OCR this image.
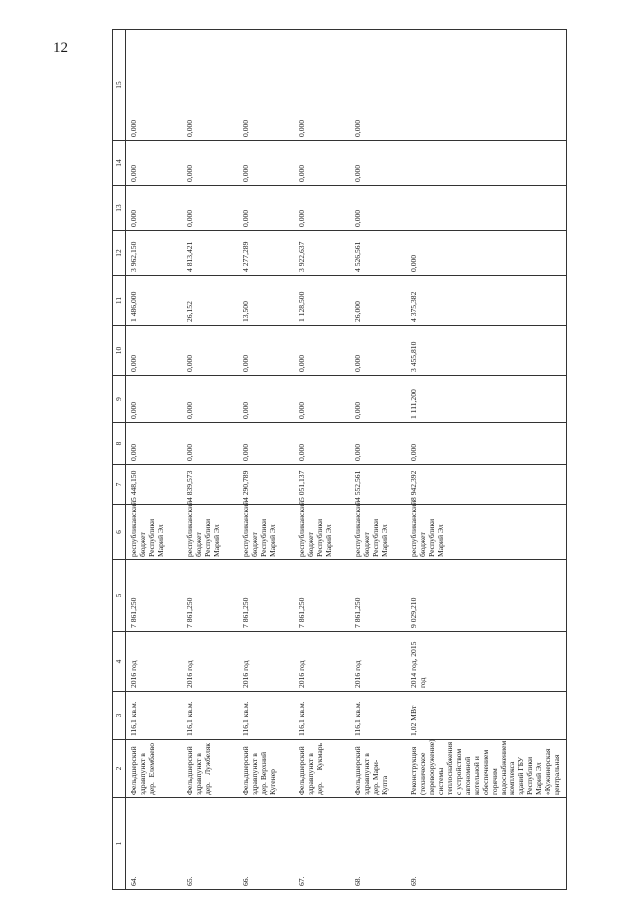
12
1	2	3	4	5	6	7	8	9	10	11	12	13	14	15
64.	Фельдшерский здравпункт в дер. Елембаево	116,1 кв.м.	2016 год	7 861,250	республиканский бюджет Республики Марий Эл	5 448,150	0,000	0,000	0,000	1 486,000	3 962,150	0,000	0,000	0,000
65.	Фельдшерский здравпункт в дер. Лужбеляк	116,1 кв.м.	2016 год	7 861,250	республиканский бюджет Республики Марий Эл	4 839,573	0,000	0,000	0,000	26,152	4 813,421	0,000	0,000	0,000
66.	Фельдшерский здравпункт в дер. Верхний Кугенер	116,1 кв.м.	2016 год	7 861,250	республиканский бюджет Республики Марий Эл	4 290,789	0,000	0,000	0,000	13,500	4 277,289	0,000	0,000	0,000
67.	Фельдшерский здравпункт в дер. Кукмарь	116,1 кв.м.	2016 год	7 861,250	республиканский бюджет Республики Марий Эл	5 051,137	0,000	0,000	0,000	1 128,500	3 922,637	0,000	0,000	0,000
68.	Фельдшерский здравпункт в дер. Мари-Купта	116,1 кв.м.	2016 год	7 861,250	республиканский бюджет Республики Марий Эл	4 552,561	0,000	0,000	0,000	26,000	4 526,561	0,000	0,000	0,000
69.	Реконструкция (техническое перевооружение) системы теплоснабжения с устройством автономной котельной и обеспечением горячим водоснабжением комплекса зданий ГБУ Республики Марий Эл «Кужинерская центральная	1,02 МВт	2014 год, 2015 год	9 029,210	республиканский бюджет Республики Марий Эл	8 942,392	0,000	1 111,200	3 455,810	4 375,382	0,000			
